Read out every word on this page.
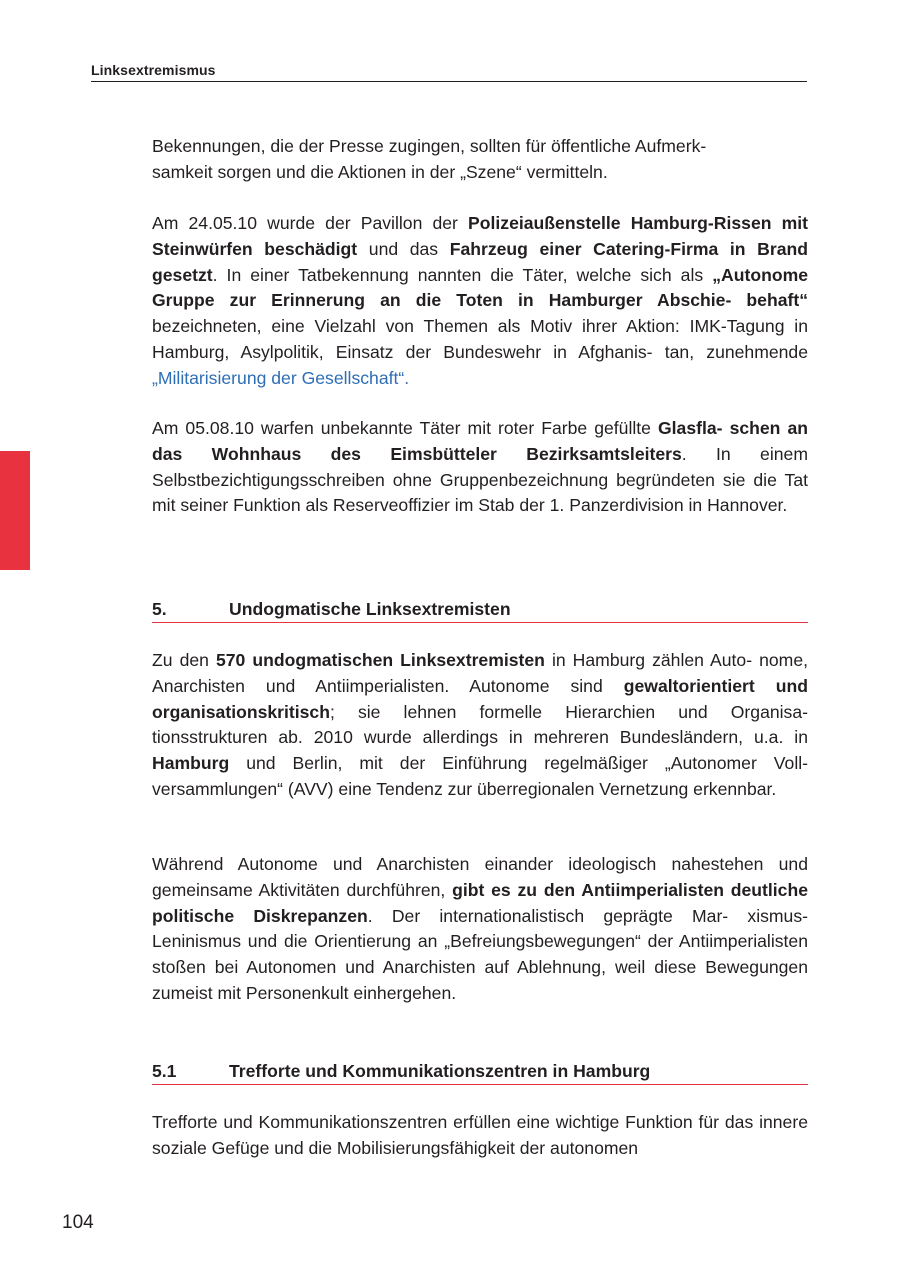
Linksextremismus
Bekennungen, die der Presse zugingen, sollten für öffentliche Aufmerk-
samkeit sorgen und die Aktionen in der „Szene“ vermitteln.
Am 24.05.10 wurde der Pavillon der Polizeiaußenstelle Hamburg-Rissen mit Steinwürfen beschädigt und das Fahrzeug einer Catering-Firma in Brand gesetzt. In einer Tatbekennung nannten die Täter, welche sich als „Autonome Gruppe zur Erinnerung an die Toten in Hamburger Abschie- behaft“ bezeichneten, eine Vielzahl von Themen als Motiv ihrer Aktion: IMK-Tagung in Hamburg, Asylpolitik, Einsatz der Bundeswehr in Afghanis- tan, zunehmende „Militarisierung der Gesellschaft“.
Am 05.08.10 warfen unbekannte Täter mit roter Farbe gefüllte Glasfla- schen an das Wohnhaus des Eimsbütteler Bezirksamtsleiters. In einem Selbstbezichtigungsschreiben ohne Gruppenbezeichnung begründeten sie die Tat mit seiner Funktion als Reserveoffizier im Stab der 1. Panzerdivision in Hannover.
5.	Undogmatische Linksextremisten
Zu den 570 undogmatischen Linksextremisten in Hamburg zählen Auto- nome, Anarchisten und Antiimperialisten. Autonome sind gewaltorientiert und organisationskritisch; sie lehnen formelle Hierarchien und Organisa- tionsstrukturen ab. 2010 wurde allerdings in mehreren Bundesländern, u.a. in Hamburg und Berlin, mit der Einführung regelmäßiger „Autonomer Voll- versammlungen“ (AVV) eine Tendenz zur überregionalen Vernetzung erkennbar.
Während Autonome und Anarchisten einander ideologisch nahestehen und gemeinsame Aktivitäten durchführen, gibt es zu den Antiimperialisten deutliche politische Diskrepanzen. Der internationalistisch geprägte Mar- xismus-Leninismus und die Orientierung an „Befreiungsbewegungen“ der Antiimperialisten stoßen bei Autonomen und Anarchisten auf Ablehnung, weil diese Bewegungen zumeist mit Personenkult einhergehen.
5.1	Trefforte und Kommunikationszentren in Hamburg
Trefforte und Kommunikationszentren erfüllen eine wichtige Funktion für das innere soziale Gefüge und die Mobilisierungsfähigkeit der autonomen
104
